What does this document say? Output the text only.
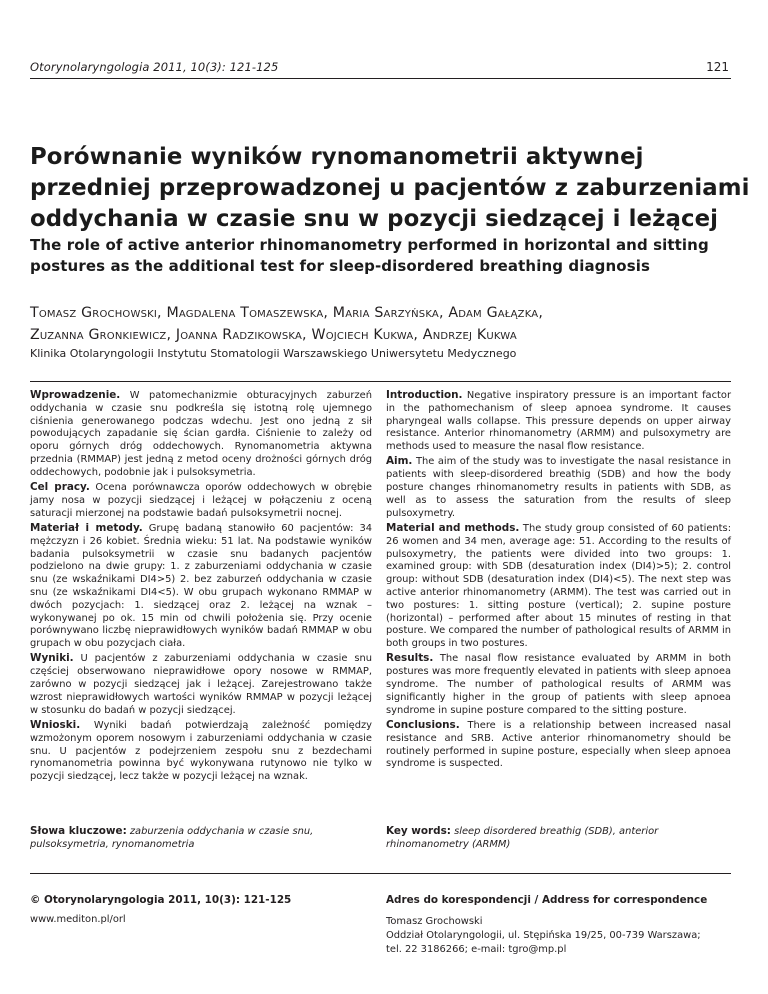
Otorynolaryngologia 2011, 10(3): 121-125	121
Porównanie wyników rynomanometrii aktywnej przedniej przeprowadzonej u pacjentów z zaburzeniami oddychania w czasie snu w pozycji siedzącej i leżącej
The role of active anterior rhinomanometry performed in horizontal and sitting postures as the additional test for sleep-disordered breathing diagnosis
Tomasz Grochowski, Magdalena Tomaszewska, Maria Sarzyńska, Adam Gałązka,
Zuzanna Gronkiewicz, Joanna Radzikowska, Wojciech Kukwa, Andrzej Kukwa
Klinika Otolaryngologii Instytutu Stomatologii Warszawskiego Uniwersytetu Medycznego

Wprowadzenie. W patomechanizmie obturacyjnych zaburzeń oddychania w czasie snu podkreśla się istotną rolę ujemnego ciśnienia generowanego podczas wdechu. Jest ono jedną z sił powodujących zapadanie się ścian gardła. Ciśnienie to zależy od oporu górnych dróg oddechowych. Rynomanometria aktywna przednia (RMMAP) jest jedną z metod oceny drożności górnych dróg oddechowych, podobnie jak i pulsoksymetria.

Cel pracy. Ocena porównawcza oporów oddechowych w obrębie jamy nosa w pozycji siedzącej i leżącej w połączeniu z oceną saturacji mierzonej na podstawie badań pulsoksymetrii nocnej.

Materiał i metody. Grupę badaną stanowiło 60 pacjentów: 34 mężczyzn i 26 kobiet. Średnia wieku: 51 lat. Na podstawie wyników badania pulsoksymetrii w czasie snu badanych pacjentów podzielono na dwie grupy: 1. z zaburzeniami oddychania w czasie snu (ze wskaźnikami DI4>5) 2. bez zaburzeń oddychania w czasie snu (ze wskaźnikami DI4<5). W obu grupach wykonano RMMAP w dwóch pozycjach: 1. siedzącej oraz 2. leżącej na wznak – wykonywanej po ok. 15 min od chwili położenia się. Przy ocenie porównywano liczbę nieprawidłowych wyników badań RMMAP w obu grupach w obu pozycjach ciała.

Wyniki. U pacjentów z zaburzeniami oddychania w czasie snu częściej obserwowano nieprawidłowe opory nosowe w RMMAP, zarówno w pozycji siedzącej jak i leżącej. Zarejestrowano także wzrost nieprawidłowych wartości wyników RMMAP w pozycji leżącej w stosunku do badań w pozycji siedzącej.

Wnioski. Wyniki badań potwierdzają zależność pomiędzy wzmożonym oporem nosowym i zaburzeniami oddychania w czasie snu. U pacjentów z podejrzeniem zespołu snu z bezdechami rynomanometria powinna być wykonywana rutynowo nie tylko w pozycji siedzącej, lecz także w pozycji leżącej na wznak.

Introduction. Negative inspiratory pressure is an important factor in the pathomechanism of sleep apnoea syndrome. It causes pharyngeal walls collapse. This pressure depends on upper airway resistance. Anterior rhinomanometry (ARMM) and pulsoxymetry are methods used to measure the nasal flow resistance.

Aim. The aim of the study was to investigate the nasal resistance in patients with sleep-disordered breathig (SDB) and how the body posture changes rhinomanometry results in patients with SDB, as well as to assess the saturation from the results of sleep pulsoxymetry.

Material and methods. The study group consisted of 60 patients: 26 women and 34 men, average age: 51. According to the results of pulsoxymetry, the patients were divided into two groups: 1. examined group: with SDB (desaturation index (DI4)>5); 2. control group: without SDB (desaturation index (DI4)<5). The next step was active anterior rhinomanometry (ARMM). The test was carried out in two postures: 1. sitting posture (vertical); 2. supine posture (horizontal) – performed after about 15 minutes of resting in that posture. We compared the number of pathological results of ARMM in both groups in two postures.

Results. The nasal flow resistance evaluated by ARMM in both postures was more frequently elevated in patients with sleep apnoea syndrome. The number of pathological results of ARMM was significantly higher in the group of patients with sleep apnoea syndrome in supine posture compared to the sitting posture.

Conclusions. There is a relationship between increased nasal resistance and SRB. Active anterior rhinomanometry should be routinely performed in supine posture, especially when sleep apnoea syndrome is suspected.

Słowa kluczowe: zaburzenia oddychania w czasie snu, pulsoksymetria, rynomanometria
Key words: sleep disordered breathig (SDB), anterior rhinomanometry (ARMM)
© Otorynolaryngologia 2011, 10(3): 121-125
www.mediton.pl/orl
Adres do korespondencji / Address for correspondence
Tomasz Grochowski
Oddział Otolaryngologii, ul. Stępińska 19/25, 00-739 Warszawa;
tel. 22 3186266; e-mail: tgro@mp.pl
